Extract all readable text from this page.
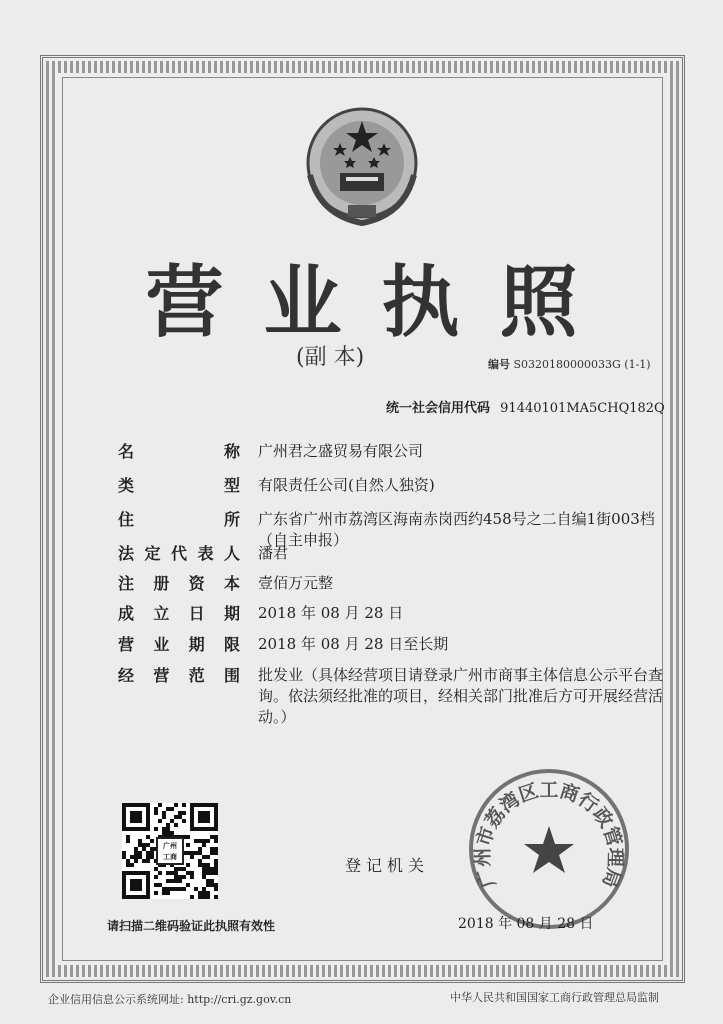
营业执照
(副 本)	编号 S0320180000033G (1-1)
统一社会信用代码 91440101MA5CHQ182Q
名	称 广州君之盛贸易有限公司
类	型 有限责任公司(自然人独资)
住	所 广东省广州市荔湾区海南赤岗西约458号之二自编1街003档（自主申报）
法 定 代 表 人 潘君
注 册 资 本 壹佰万元整
成 立 日 期 2018 年 08 月 28 日
营 业 期 限 2018 年 08 月 28 日至长期
经 营 范 围 批发业（具体经营项目请登录广州市商事主体信息公示平台查询。依法须经批准的项目，经相关部门批准后方可开展经营活动。）
广州
工商
请扫描二维码验证此执照有效性
登记机关 广州市荔湾区工商行政管理局
2018 年 08 月 28 日
企业信用信息公示系统网址: http://cri.gz.gov.cn	中华人民共和国国家工商行政管理总局监制
